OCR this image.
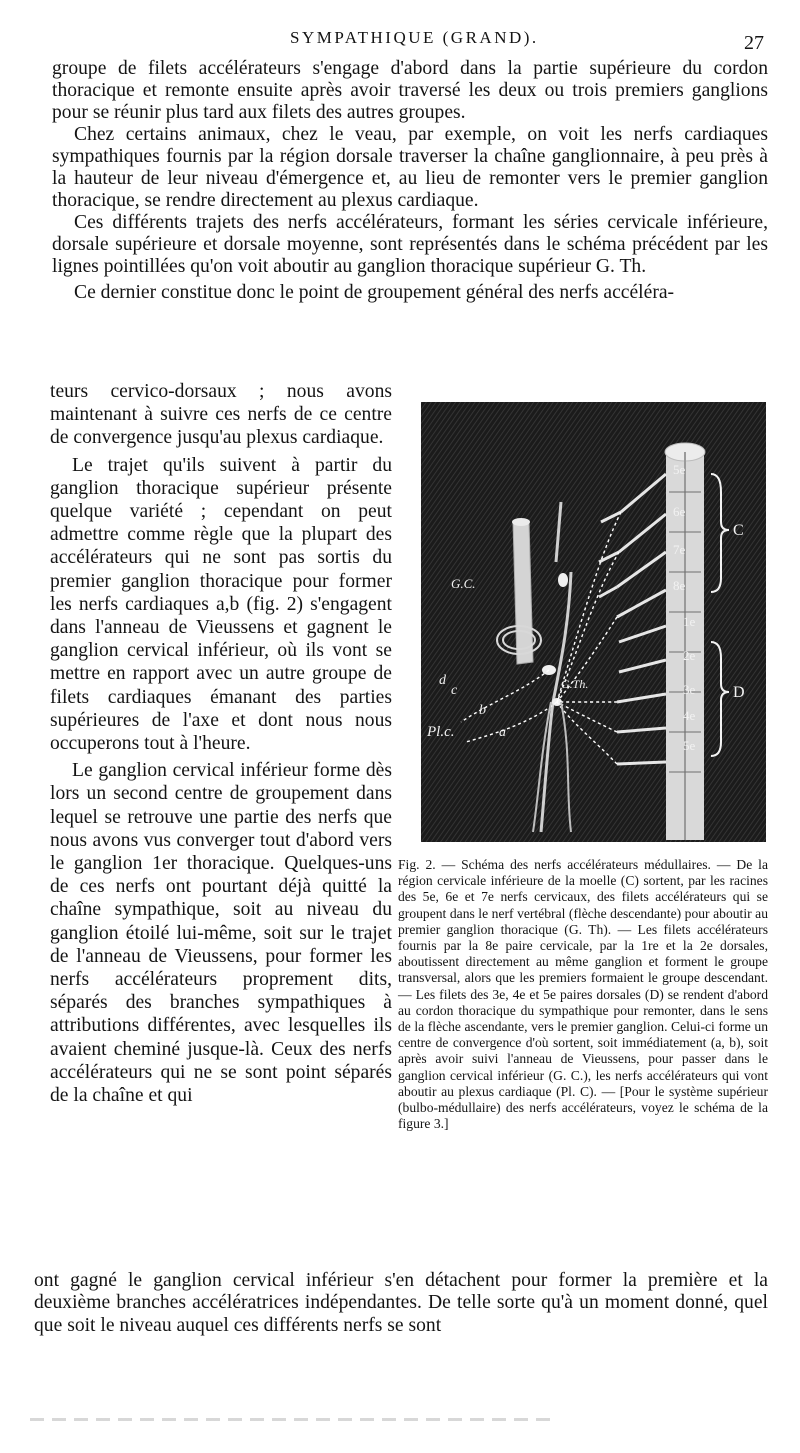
SYMPATHIQUE (GRAND).	27

groupe de filets accélérateurs s'engage d'abord dans la partie supérieure du cordon thoracique et remonte ensuite après avoir traversé les deux ou trois premiers ganglions pour se réunir plus tard aux filets des autres groupes.

Chez certains animaux, chez le veau, par exemple, on voit les nerfs cardiaques sympathiques fournis par la région dorsale traverser la chaîne ganglionnaire, à peu près à la hauteur de leur niveau d'émergence et, au lieu de remonter vers le premier ganglion thoracique, se rendre directement au plexus cardiaque.

Ces différents trajets des nerfs accélérateurs, formant les séries cervicale inférieure, dorsale supérieure et dorsale moyenne, sont représentés dans le schéma précédent par les lignes pointillées qu'on voit aboutir au ganglion thoracique supérieur G. Th.

Ce dernier constitue donc le point de groupement général des nerfs accéléra-

teurs cervico-dorsaux ; nous avons maintenant à suivre ces nerfs de ce centre de convergence jusqu'au plexus cardiaque.

Le trajet qu'ils suivent à partir du ganglion thoracique supérieur présente quelque variété ; cependant on peut admettre comme règle que la plupart des accélérateurs qui ne sont pas sortis du premier ganglion thoracique pour former les nerfs cardiaques a,b (fig. 2) s'engagent dans l'anneau de Vieussens et gagnent le ganglion cervical inférieur, où ils vont se mettre en rapport avec un autre groupe de filets cardiaques émanant des parties supérieures de l'axe et dont nous nous occuperons tout à l'heure.

Le ganglion cervical inférieur forme dès lors un second centre de groupement dans lequel se retrouve une partie des nerfs que nous avons vus converger tout d'abord vers le ganglion 1er thoracique. Quelques-uns de ces nerfs ont pourtant déjà quitté la chaîne sympathique, soit au niveau du ganglion étoilé lui-même, soit sur le trajet de l'anneau de Vieussens, pour former les nerfs accélérateurs proprement dits, séparés des branches sympathiques à attributions différentes, avec lesquelles ils avaient cheminé jusque-là. Ceux des nerfs accélérateurs qui ne se sont point séparés de la chaîne et qui

G.C.
G.Th.
d
c
b
a
Pl.c.
5e
6e
7e
8e
1e
2e
3e
4e
5e
C
D

Fig. 2. — Schéma des nerfs accélérateurs médullaires. — De la région cervicale inférieure de la moelle (C) sortent, par les racines des 5e, 6e et 7e nerfs cervicaux, des filets accélérateurs qui se groupent dans le nerf vertébral (flèche descendante) pour aboutir au premier ganglion thoracique (G. Th). — Les filets accélérateurs fournis par la 8e paire cervicale, par la 1re et la 2e dorsales, aboutissent directement au même ganglion et forment le groupe transversal, alors que les premiers formaient le groupe descendant. — Les filets des 3e, 4e et 5e paires dorsales (D) se rendent d'abord au cordon thoracique du sympathique pour remonter, dans le sens de la flèche ascendante, vers le premier ganglion. Celui-ci forme un centre de convergence d'où sortent, soit immédiatement (a, b), soit après avoir suivi l'anneau de Vieussens, pour passer dans le ganglion cervical inférieur (G. C.), les nerfs accélérateurs qui vont aboutir au plexus cardiaque (Pl. C). — [Pour le système supérieur (bulbo-médullaire) des nerfs accélérateurs, voyez le schéma de la figure 3.]

ont gagné le ganglion cervical inférieur s'en détachent pour former la première et la deuxième branches accélératrices indépendantes. De telle sorte qu'à un moment donné, quel que soit le niveau auquel ces différents nerfs se sont
